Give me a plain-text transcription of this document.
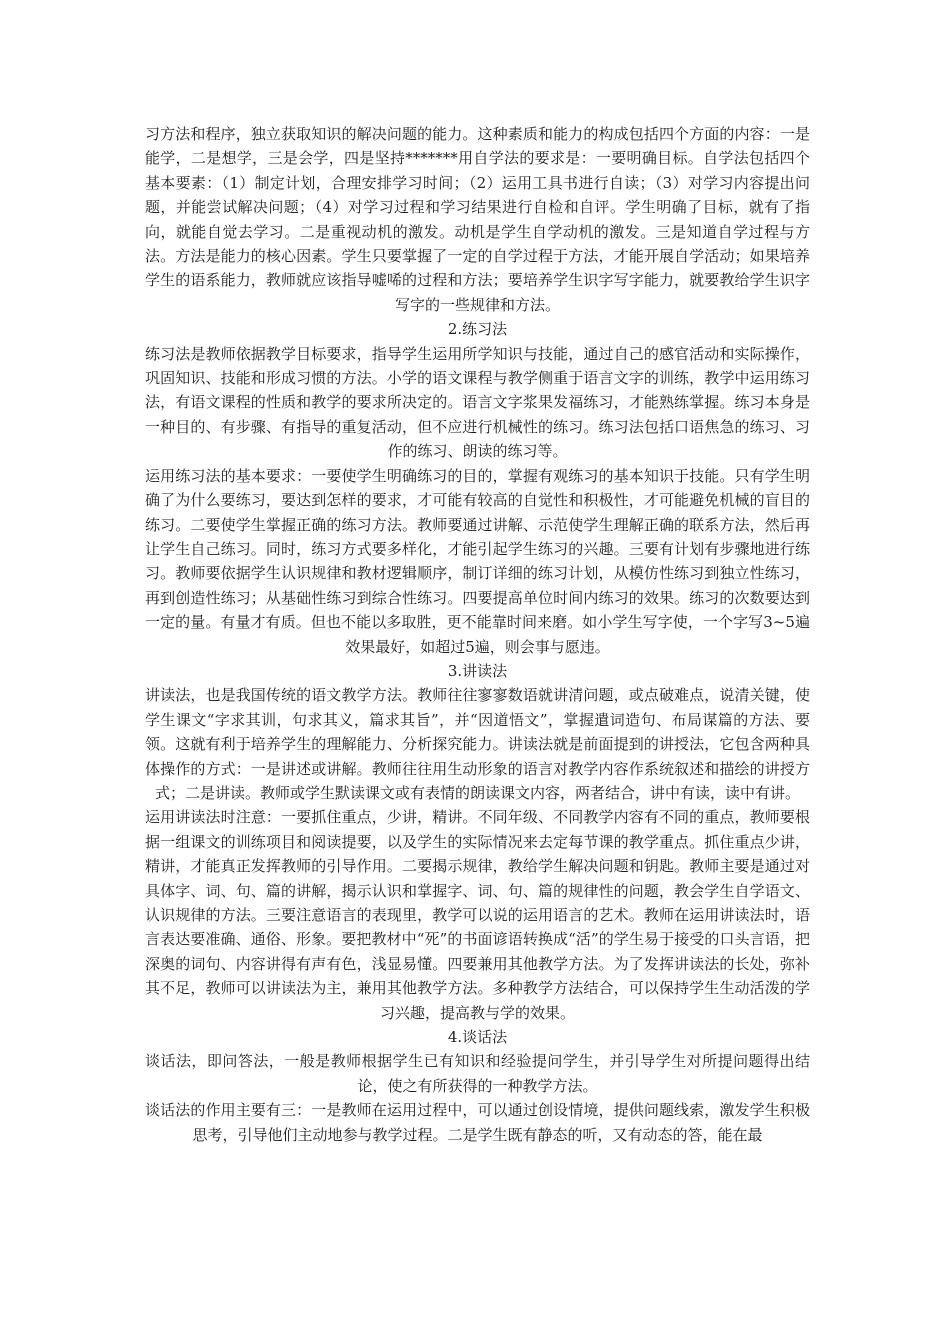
习方法和程序，独立获取知识的解决问题的能力。这种素质和能力的构成包括四个方面的内容：一是能学，二是想学，三是会学，四是坚持*******用自学法的要求是：一要明确目标。自学法包括四个基本要素：（1）制定计划，合理安排学习时间；（2）运用工具书进行自读；（3）对学习内容提出问题，并能尝试解决问题；（4）对学习过程和学习结果进行自检和自评。学生明确了目标，就有了指向，就能自觉去学习。二是重视动机的激发。动机是学生自学动机的激发。三是知道自学过程与方法。方法是能力的核心因素。学生只要掌握了一定的自学过程于方法，才能开展自学活动；如果培养学生的语系能力，教师就应该指导嘘唏的过程和方法；要培养学生识字写字能力，就要教给学生识字写字的一些规律和方法。

2.练习法

练习法是教师依据教学目标要求，指导学生运用所学知识与技能，通过自己的感官活动和实际操作，巩固知识、技能和形成习惯的方法。小学的语文课程与教学侧重于语言文字的训练，教学中运用练习法，有语文课程的性质和教学的要求所决定的。语言文字浆果发福练习，才能熟练掌握。练习本身是一种目的、有步骤、有指导的重复活动，但不应进行机械性的练习。练习法包括口语焦急的练习、习作的练习、朗读的练习等。

运用练习法的基本要求：一要使学生明确练习的目的，掌握有观练习的基本知识于技能。只有学生明确了为什么要练习，要达到怎样的要求，才可能有较高的自觉性和积极性，才可能避免机械的盲目的练习。二要使学生掌握正确的练习方法。教师要通过讲解、示范使学生理解正确的联系方法，然后再让学生自己练习。同时，练习方式要多样化，才能引起学生练习的兴趣。三要有计划有步骤地进行练习。教师要依据学生认识规律和教材逻辑顺序，制订详细的练习计划，从模仿性练习到独立性练习，再到创造性练习；从基础性练习到综合性练习。四要提高单位时间内练习的效果。练习的次数要达到一定的量。有量才有质。但也不能以多取胜，更不能靠时间来磨。如小学生写字使，一个字写3~5遍效果最好，如超过5遍，则会事与愿违。

3.讲读法

讲读法，也是我国传统的语文教学方法。教师往往寥寥数语就讲清问题，或点破难点，说清关键，使学生课文“字求其训，句求其义，篇求其旨”，并“因道悟文”，掌握遣词造句、布局谋篇的方法、要领。这就有利于培养学生的理解能力、分析探究能力。讲读法就是前面提到的讲授法，它包含两种具体操作的方式：一是讲述或讲解。教师往往用生动形象的语言对教学内容作系统叙述和描绘的讲授方式；二是讲读。教师或学生默读课文或有表情的朗读课文内容，两者结合，讲中有读，读中有讲。

运用讲读法时注意：一要抓住重点，少讲，精讲。不同年级、不同教学内容有不同的重点，教师要根据一组课文的训练项目和阅读提要，以及学生的实际情况来去定每节课的教学重点。抓住重点少讲，精讲，才能真正发挥教师的引导作用。二要揭示规律，教给学生解决问题和钥匙。教师主要是通过对具体字、词、句、篇的讲解，揭示认识和掌握字、词、句、篇的规律性的问题，教会学生自学语文、认识规律的方法。三要注意语言的表现里，教学可以说的运用语言的艺术。教师在运用讲读法时，语言表达要准确、通俗、形象。要把教材中“死”的书面谚语转换成“活”的学生易于接受的口头言语，把深奥的词句、内容讲得有声有色，浅显易懂。四要兼用其他教学方法。为了发挥讲读法的长处，弥补其不足，教师可以讲读法为主，兼用其他教学方法。多种教学方法结合，可以保持学生生动活泼的学习兴趣，提高教与学的效果。

4.谈话法

谈话法，即问答法，一般是教师根据学生已有知识和经验提问学生，并引导学生对所提问题得出结论，使之有所获得的一种教学方法。

谈话法的作用主要有三：一是教师在运用过程中，可以通过创设情境，提供问题线索，激发学生积极思考，引导他们主动地参与教学过程。二是学生既有静态的听，又有动态的答，能在最
